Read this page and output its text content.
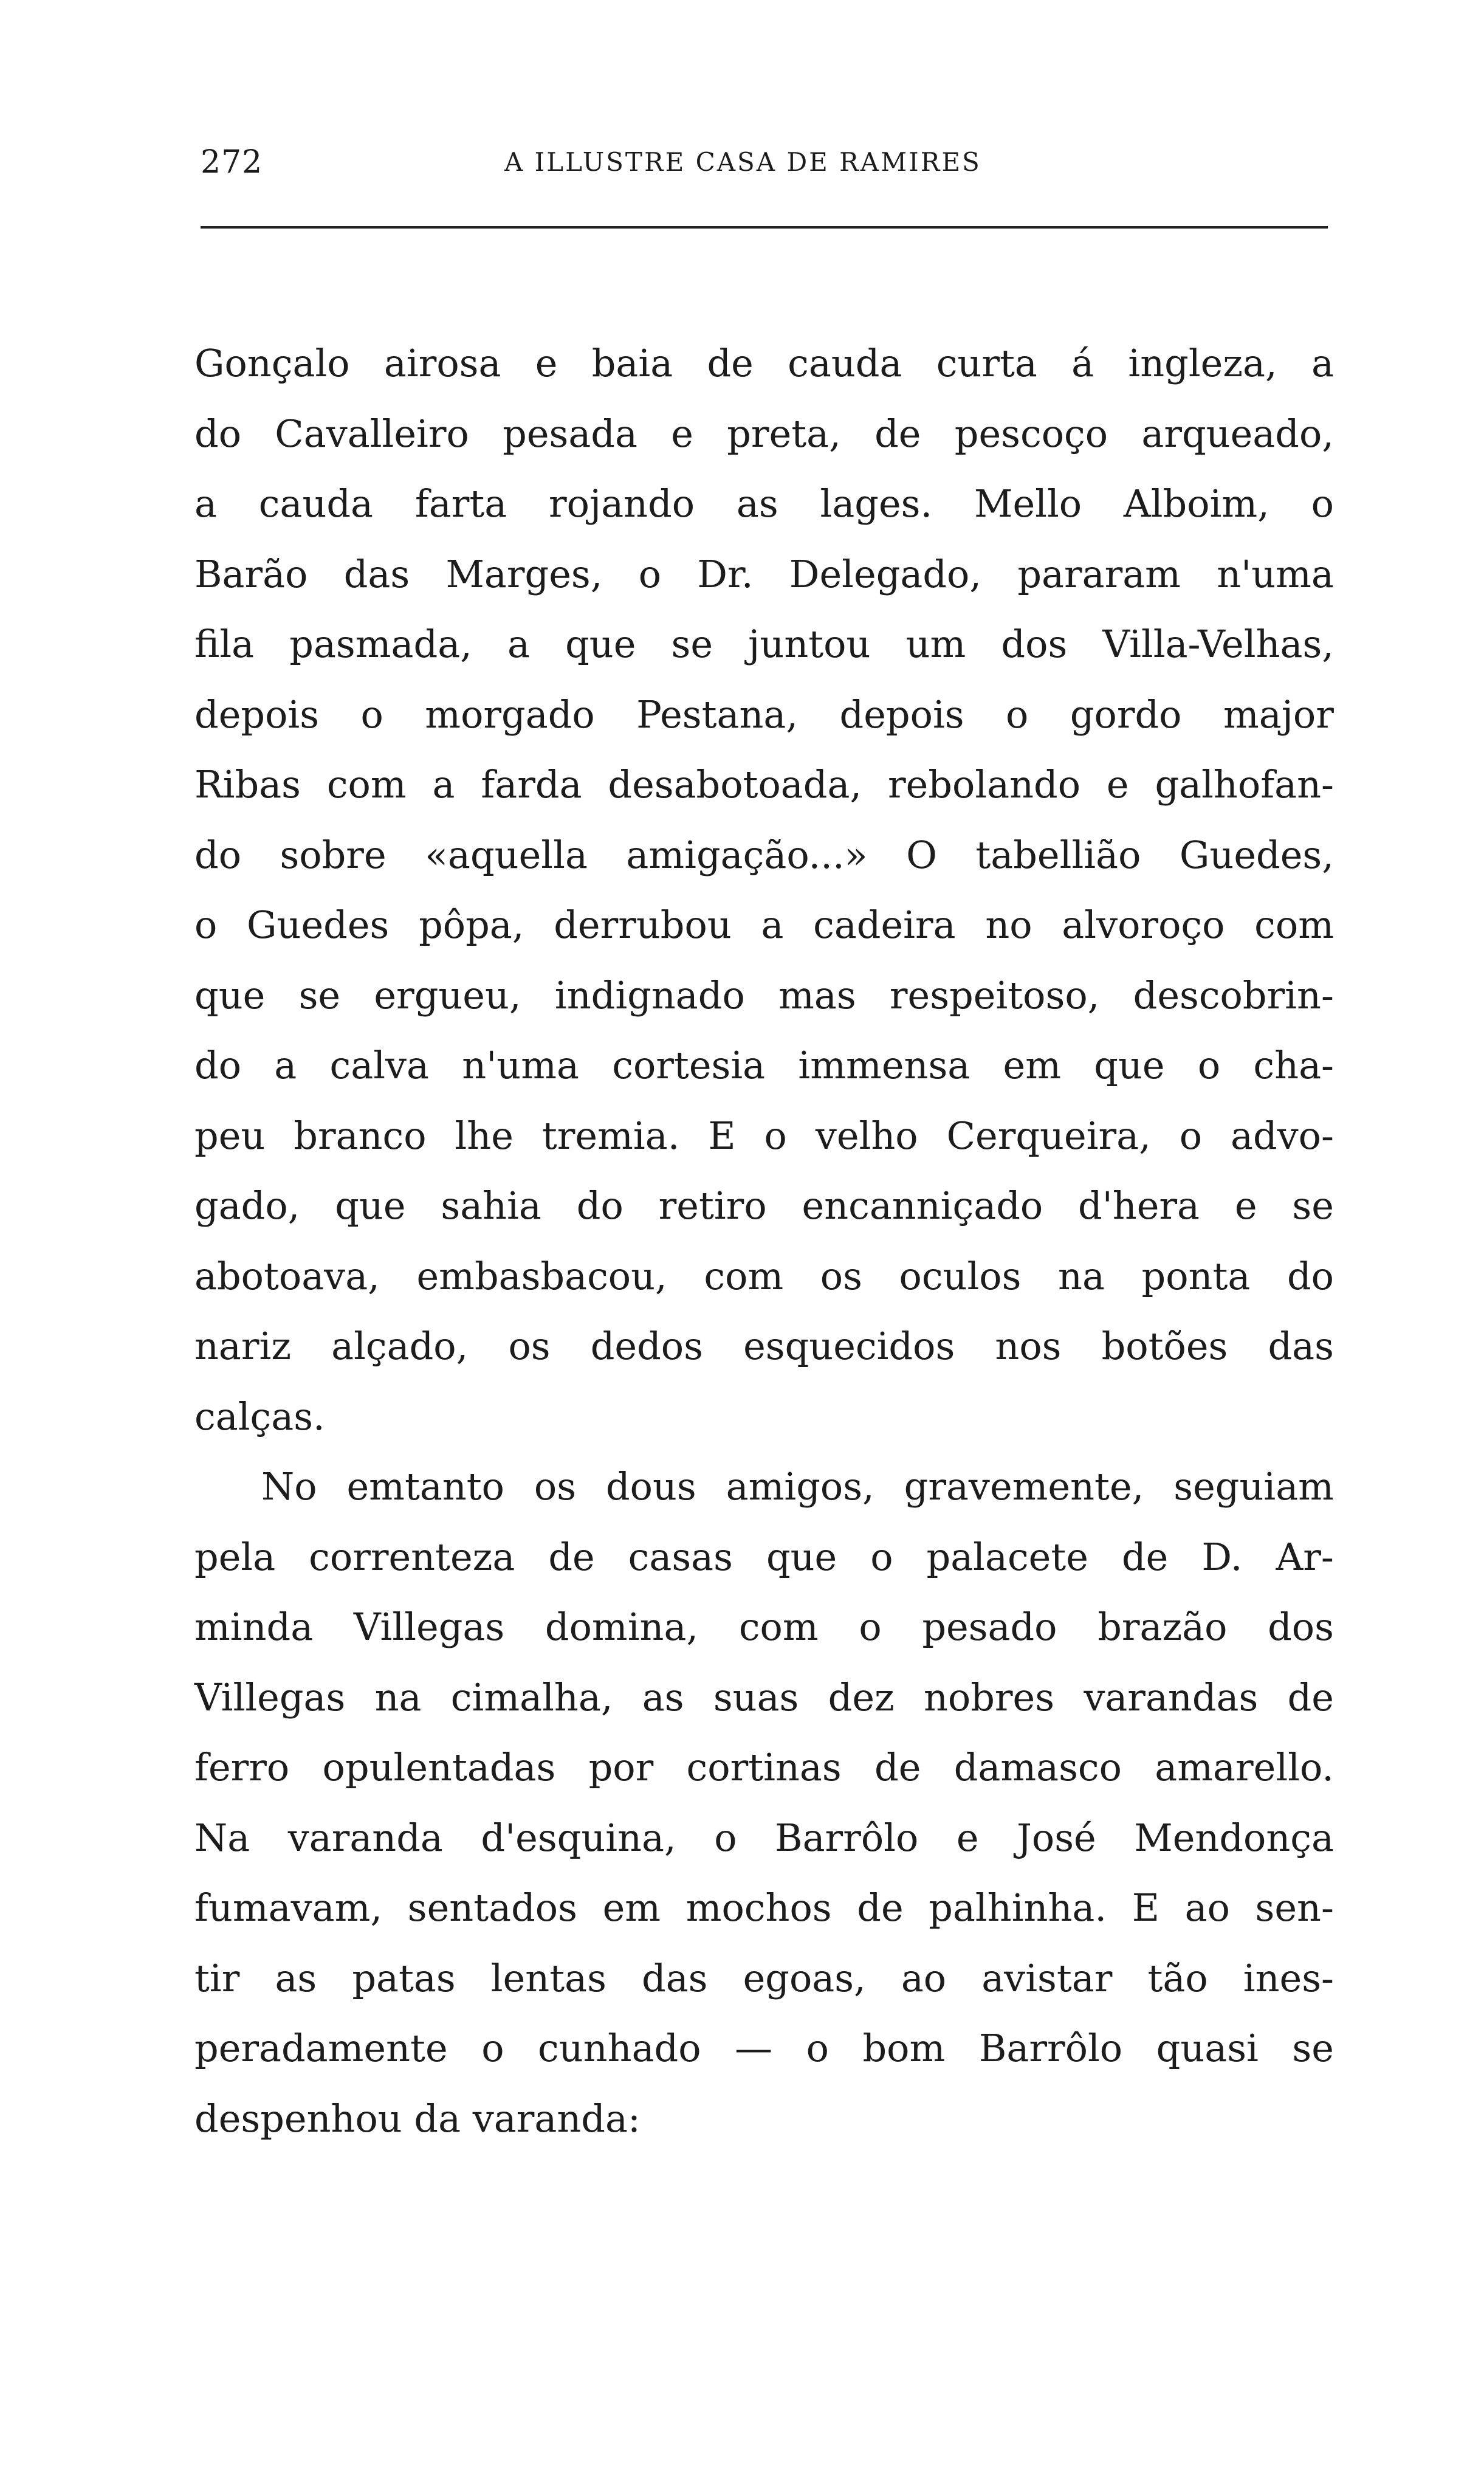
272	A ILLUSTRE CASA DE RAMIRES

Gonçalo airosa e baia de cauda curta á ingleza, a

do Cavalleiro pesada e preta, de pescoço arqueado,

a cauda farta rojando as lages. Mello Alboim, o

Barão das Marges, o Dr. Delegado, pararam n'uma

fila pasmada, a que se juntou um dos Villa-Velhas,

depois o morgado Pestana, depois o gordo major

Ribas com a farda desabotoada, rebolando e galhofan-

do sobre «aquella amigação...» O tabellião Guedes,

o Guedes pôpa, derrubou a cadeira no alvoroço com

que se ergueu, indignado mas respeitoso, descobrin-

do a calva n'uma cortesia immensa em que o cha-

peu branco lhe tremia. E o velho Cerqueira, o advo-

gado, que sahia do retiro encanniçado d'hera e se

abotoava, embasbacou, com os oculos na ponta do

nariz alçado, os dedos esquecidos nos botões das

calças.

No emtanto os dous amigos, gravemente, seguiam

pela correnteza de casas que o palacete de D. Ar-

minda Villegas domina, com o pesado brazão dos

Villegas na cimalha, as suas dez nobres varandas de

ferro opulentadas por cortinas de damasco amarello.

Na varanda d'esquina, o Barrôlo e José Mendonça

fumavam, sentados em mochos de palhinha. E ao sen-

tir as patas lentas das egoas, ao avistar tão ines-

peradamente o cunhado — o bom Barrôlo quasi se

despenhou da varanda:
